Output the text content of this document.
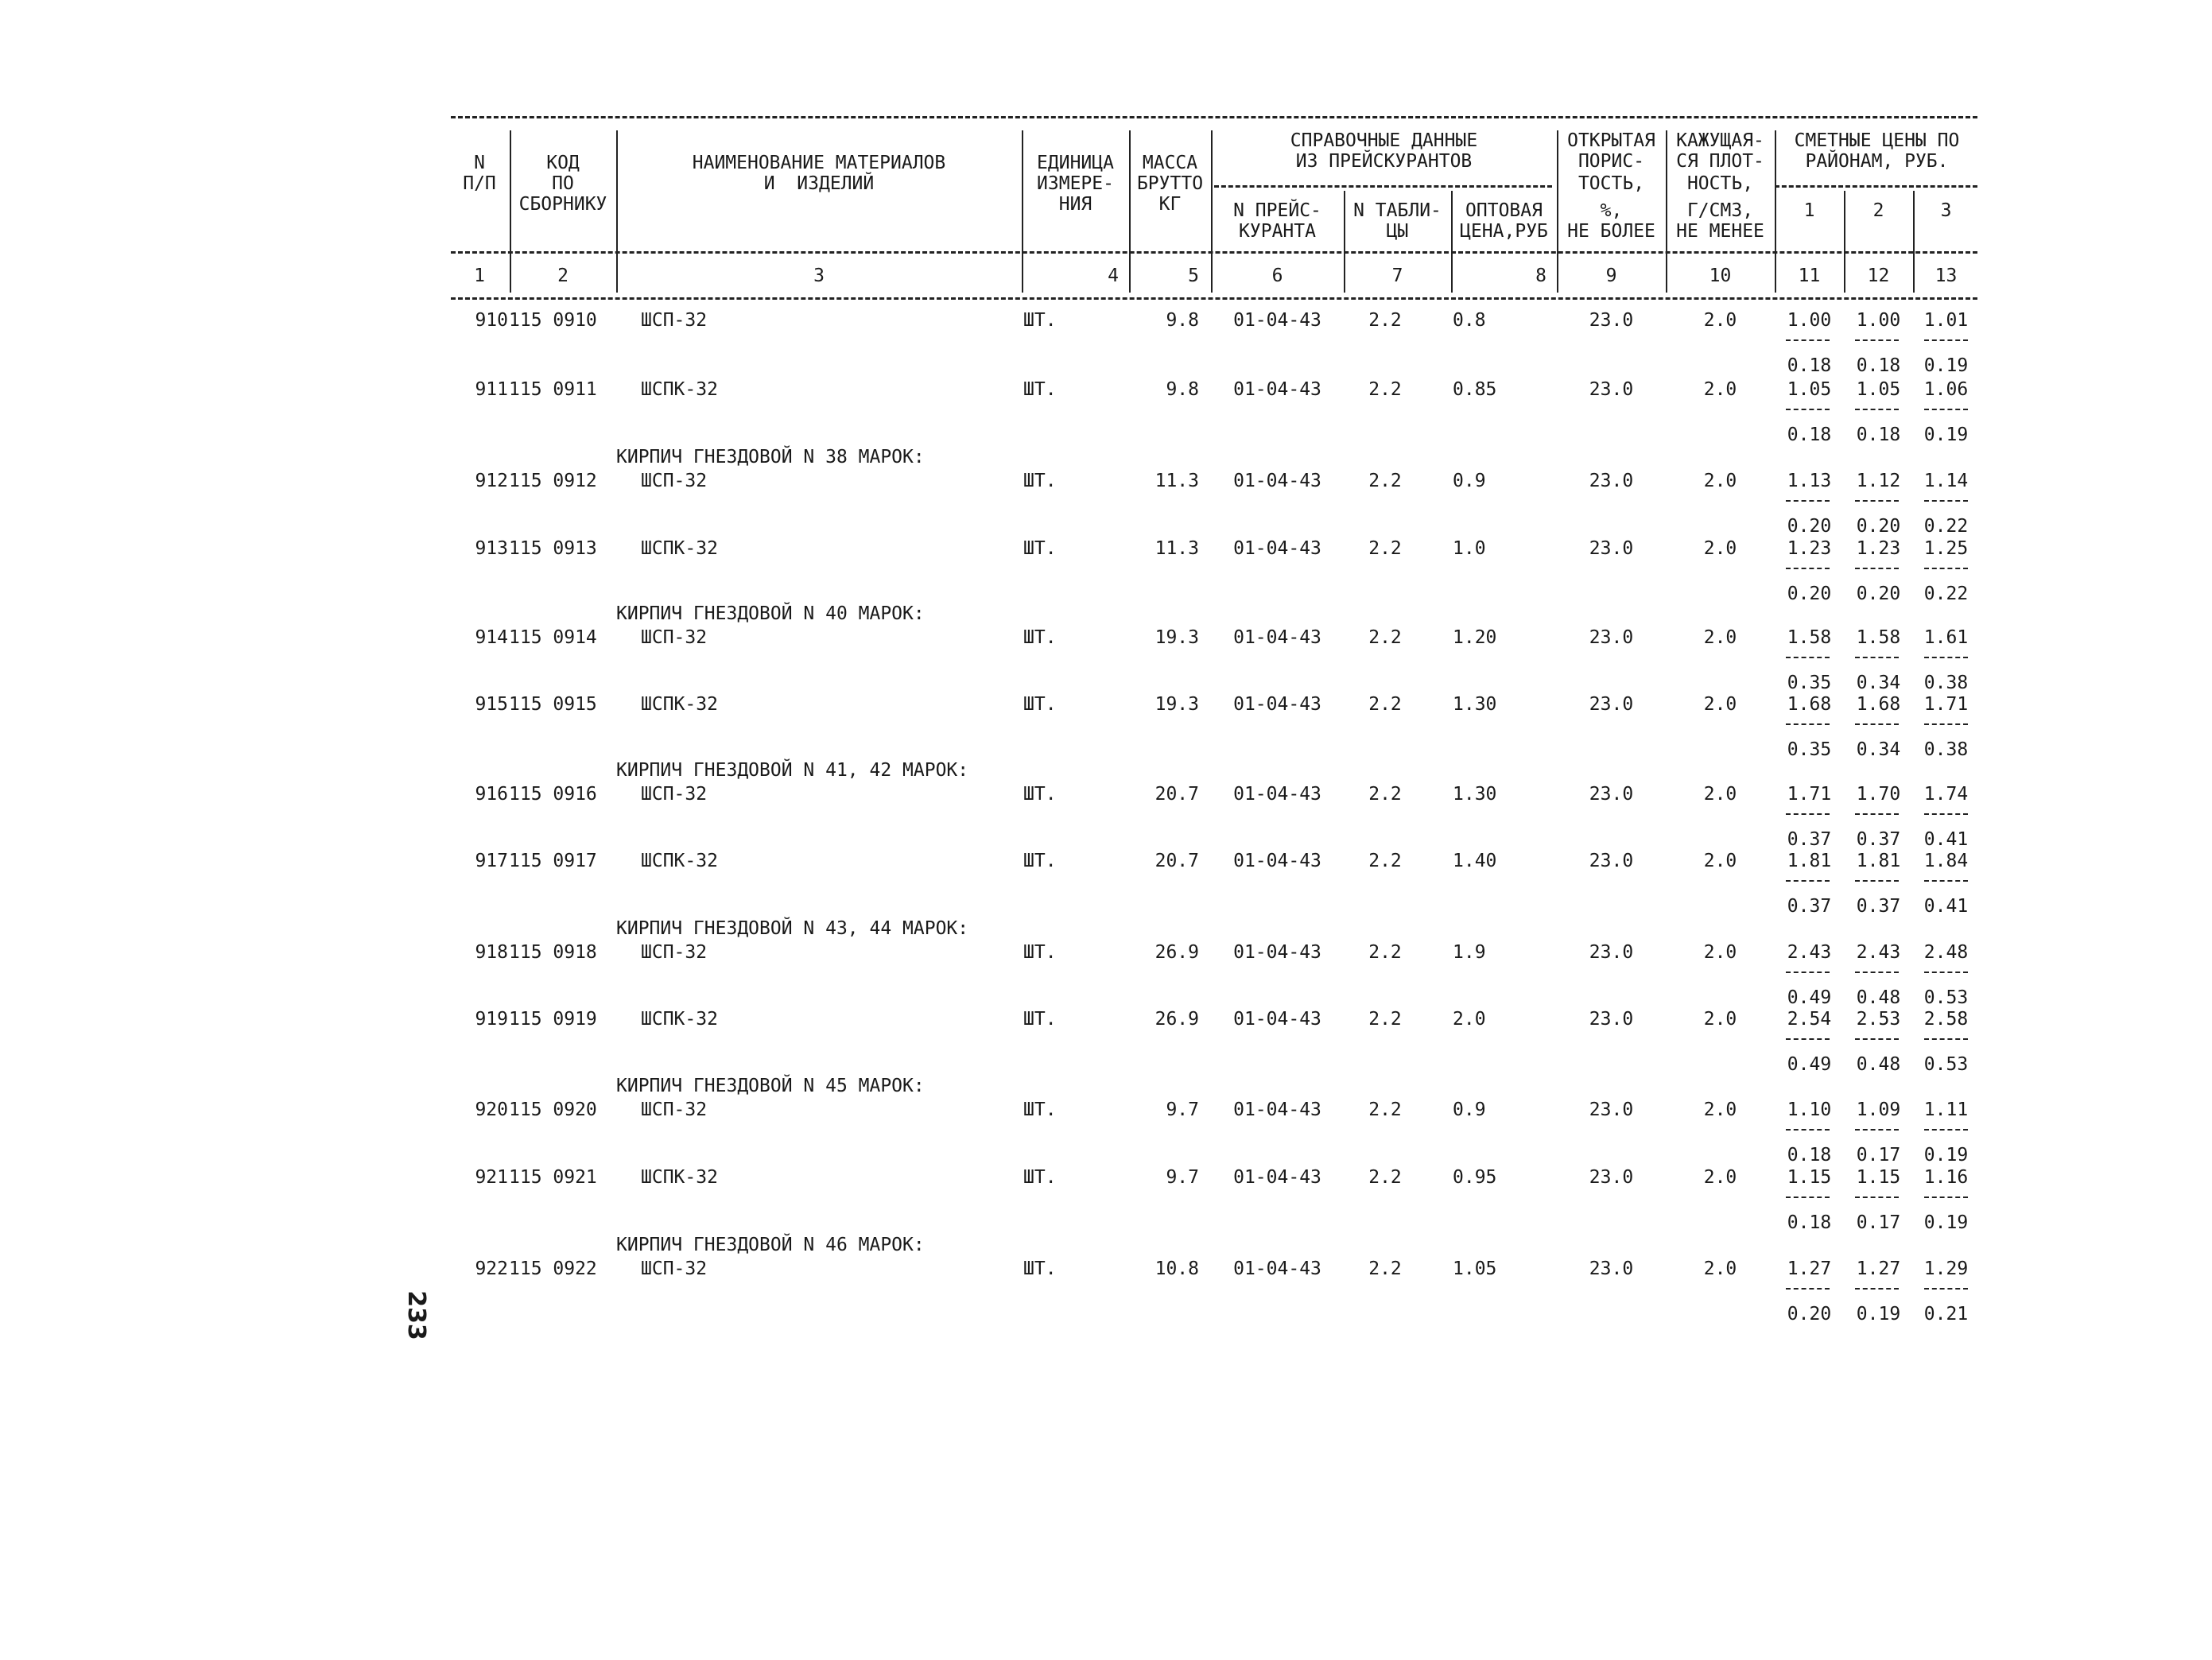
N
П/П
КОД
ПО
СБОРНИКУ
НАИМЕНОВАНИЕ МАТЕРИАЛОВ
И  ИЗДЕЛИЙ
ЕДИНИЦА
ИЗМЕРЕ-
НИЯ
МАССА
БРУТТО
КГ
СПРАВОЧНЫЕ ДАННЫЕ
ИЗ ПРЕЙСКУРАНТОВ
N ПРЕЙС-
КУРАНТА
N ТАБЛИ-
ЦЫ
ОПТОВАЯ
ЦЕНА,РУБ
ОТКРЫТАЯ
ПОРИС-
ТОСТЬ,
%,
НЕ БОЛЕЕ
КАЖУЩАЯ-
СЯ ПЛОТ-
НОСТЬ,
Г/СМ3,
НЕ МЕНЕЕ
СМЕТНЫЕ ЦЕНЫ ПО
РАЙОНАМ, РУБ.
1	2	3
1	2	3	4	5	6	7	8	9	10	11	12	13
910 115 0910	ШСП-32	ШТ.	9.8	01-04-43	2.2	0.8	23.0	2.0	1.00	1.00	1.01
0.18	0.18	0.19
911 115 0911	ШСПК-32	ШТ.	9.8	01-04-43	2.2	0.85	23.0	2.0	1.05	1.05	1.06
0.18	0.18	0.19
КИРПИЧ ГНЕЗДОВОЙ N 38 МАРОК:
912 115 0912	ШСП-32	ШТ.	11.3	01-04-43	2.2	0.9	23.0	2.0	1.13	1.12	1.14
0.20	0.20	0.22
913 115 0913	ШСПК-32	ШТ.	11.3	01-04-43	2.2	1.0	23.0	2.0	1.23	1.23	1.25
0.20	0.20	0.22
КИРПИЧ ГНЕЗДОВОЙ N 40 МАРОК:
914 115 0914	ШСП-32	ШТ.	19.3	01-04-43	2.2	1.20	23.0	2.0	1.58	1.58	1.61
0.35	0.34	0.38
915 115 0915	ШСПК-32	ШТ.	19.3	01-04-43	2.2	1.30	23.0	2.0	1.68	1.68	1.71
0.35	0.34	0.38
КИРПИЧ ГНЕЗДОВОЙ N 41, 42 МАРОК:
916 115 0916	ШСП-32	ШТ.	20.7	01-04-43	2.2	1.30	23.0	2.0	1.71	1.70	1.74
0.37	0.37	0.41
917 115 0917	ШСПК-32	ШТ.	20.7	01-04-43	2.2	1.40	23.0	2.0	1.81	1.81	1.84
0.37	0.37	0.41
КИРПИЧ ГНЕЗДОВОЙ N 43, 44 МАРОК:
918 115 0918	ШСП-32	ШТ.	26.9	01-04-43	2.2	1.9	23.0	2.0	2.43	2.43	2.48
0.49	0.48	0.53
919 115 0919	ШСПК-32	ШТ.	26.9	01-04-43	2.2	2.0	23.0	2.0	2.54	2.53	2.58
0.49	0.48	0.53
КИРПИЧ ГНЕЗДОВОЙ N 45 МАРОК:
920 115 0920	ШСП-32	ШТ.	9.7	01-04-43	2.2	0.9	23.0	2.0	1.10	1.09	1.11
0.18	0.17	0.19
921 115 0921	ШСПК-32	ШТ.	9.7	01-04-43	2.2	0.95	23.0	2.0	1.15	1.15	1.16
0.18	0.17	0.19
КИРПИЧ ГНЕЗДОВОЙ N 46 МАРОК:
922 115 0922	ШСП-32	ШТ.	10.8	01-04-43	2.2	1.05	23.0	2.0	1.27	1.27	1.29
0.20	0.19	0.21
233
